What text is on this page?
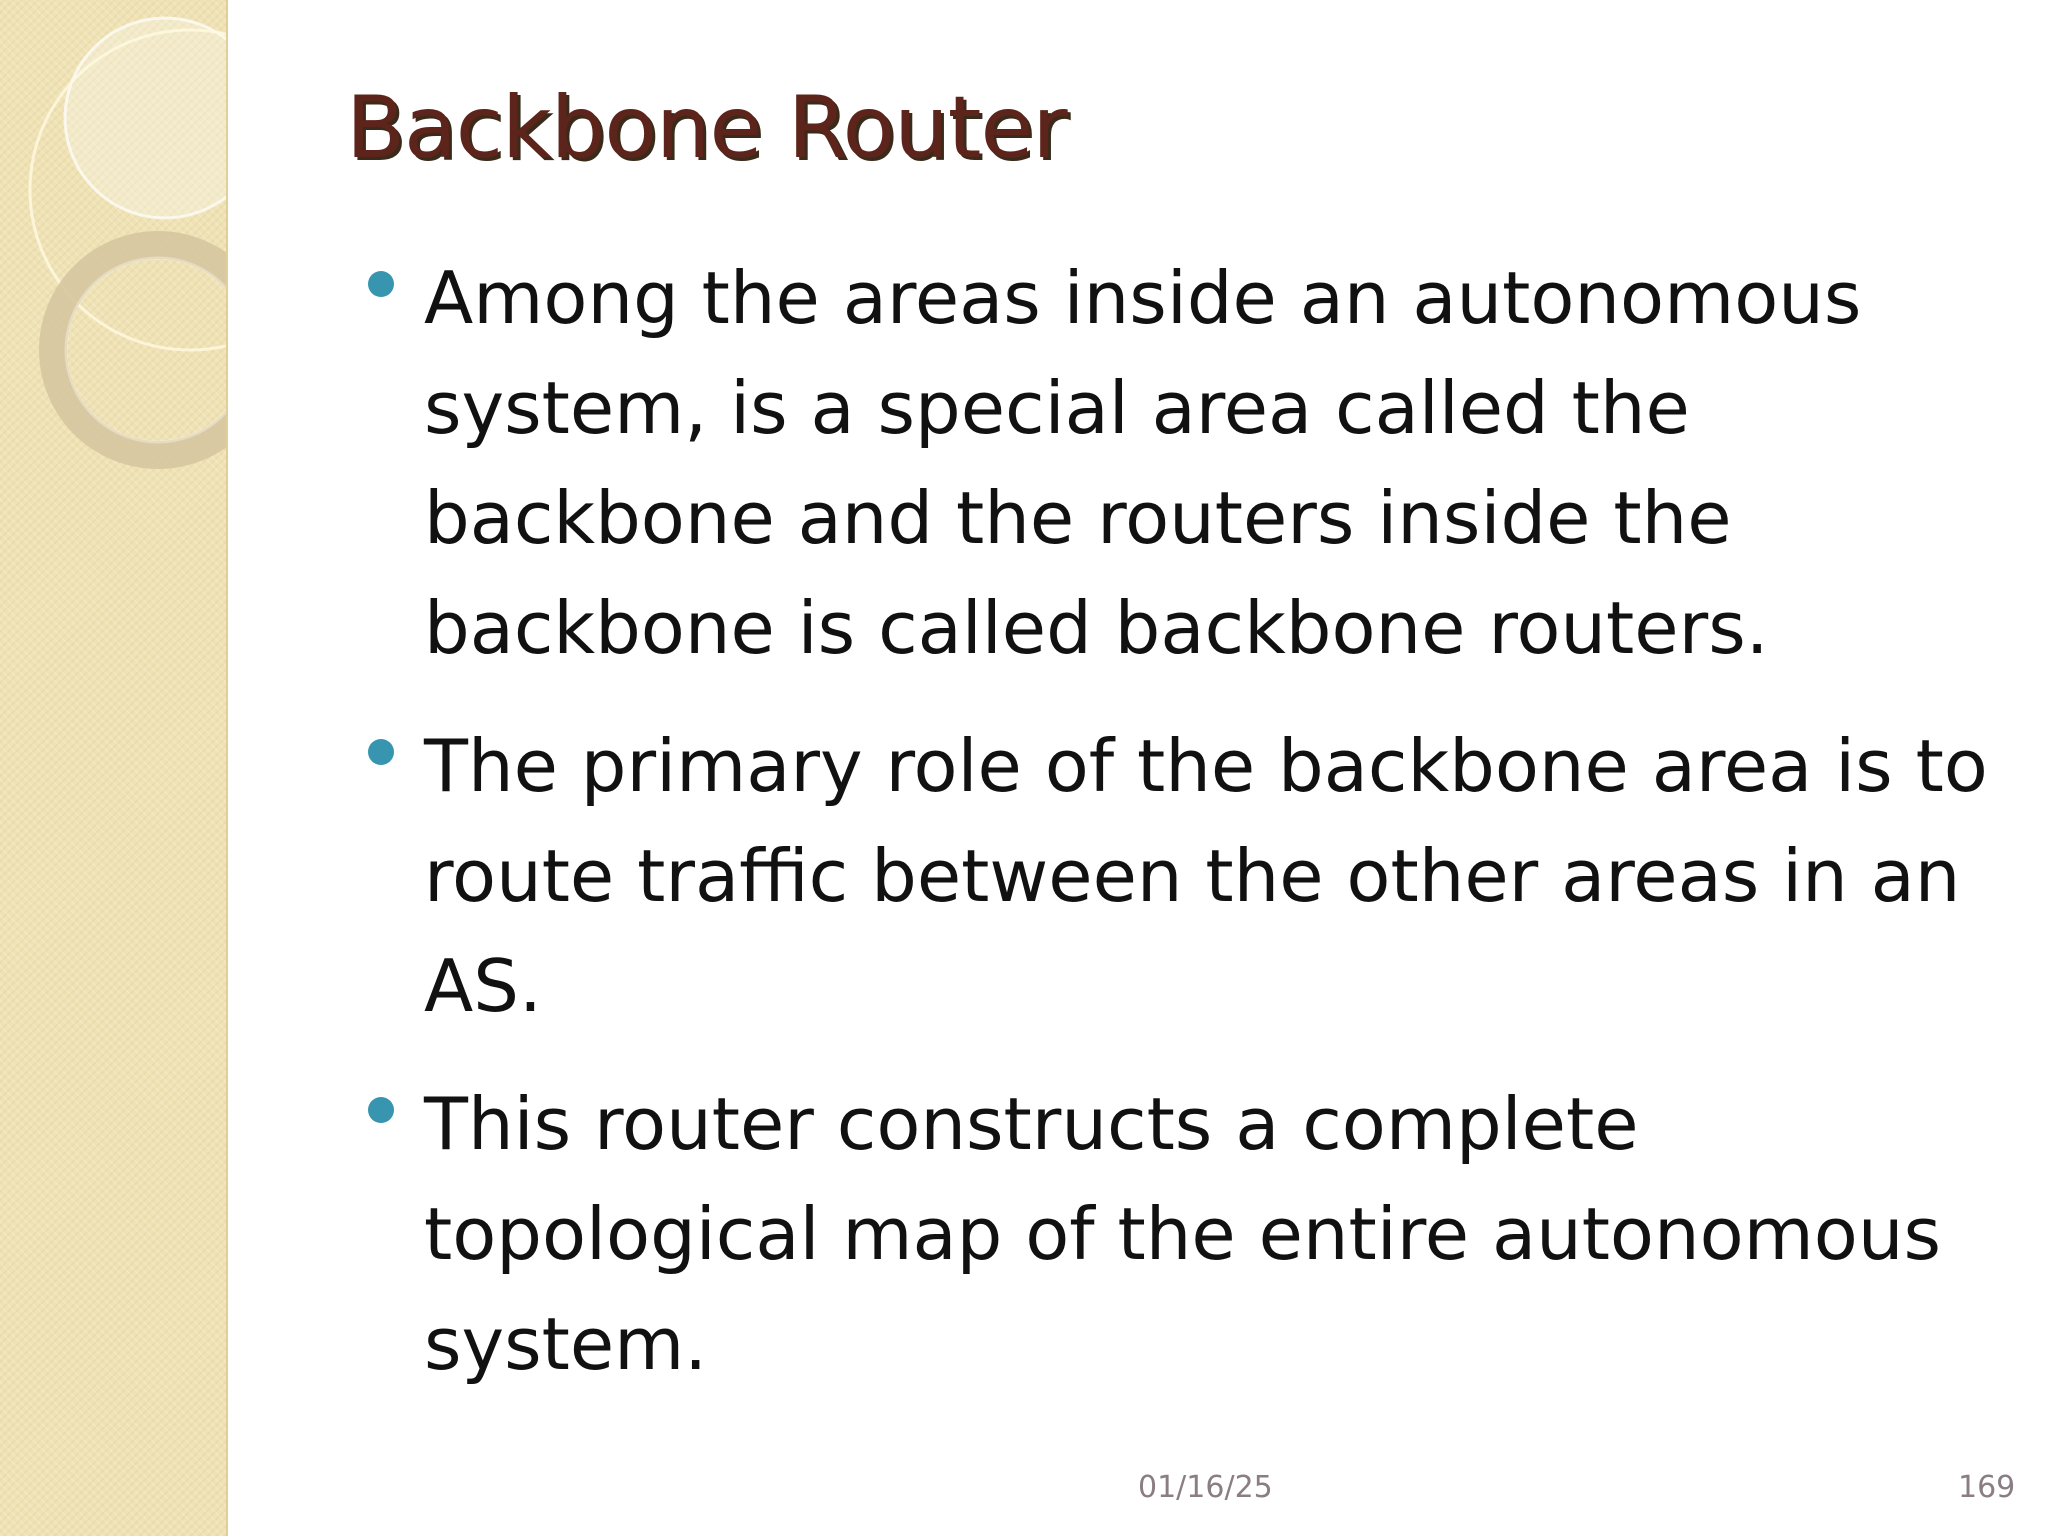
Backbone Router
Among the areas inside an autonomous system, is a special area called the backbone and the routers inside the backbone is called backbone routers.
The primary role of the backbone area is to route traffic between the other areas in an AS.
This router constructs a complete topological map of the entire autonomous system.
01/16/25	169
